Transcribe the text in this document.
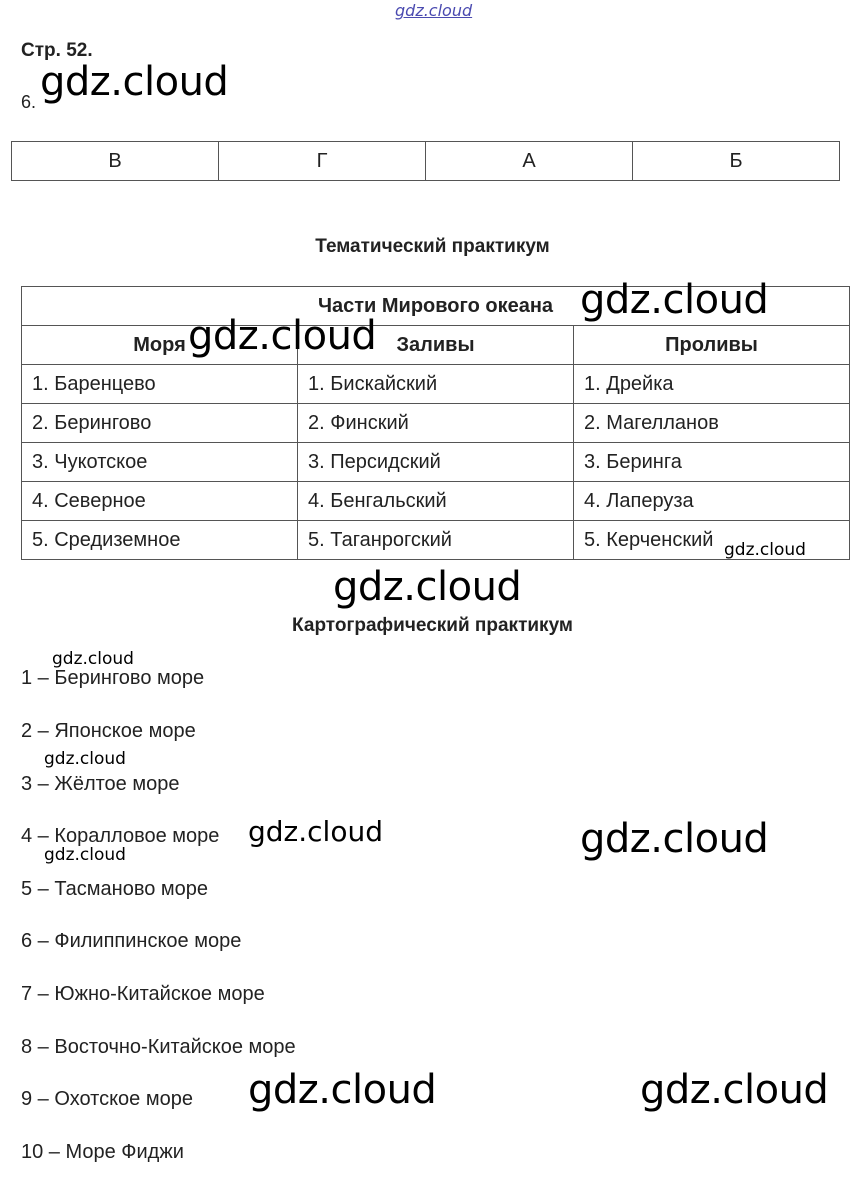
gdz.cloud
Стр. 52.
6. gdz.cloud
В	Г	А	Б
Тематический практикум
Части Мирового океана		
Моря	Заливы	Проливы
1. Баренцево	1. Бискайский	1. Дрейка
2. Берингово	2. Финский	2. Магелланов
3. Чукотское	3. Персидский	3. Беринга
4. Северное	4. Бенгальский	4. Лаперуза
5. Средиземное	5. Таганрогский	5. Керченский
gdz.cloud
gdz.cloud
gdz.cloud
gdz.cloud
Картографический практикум
1 – Берингово море
2 – Японское море
3 – Жёлтое море
4 – Коралловое море
5 – Тасманово море
6 – Филиппинское море
7 – Южно-Китайское море
8 – Восточно-Китайское море
9 – Охотское море
10 – Море Фиджи
gdz.cloud
gdz.cloud
gdz.cloud
gdz.cloud	gdz.cloud
gdz.cloud	gdz.cloud
